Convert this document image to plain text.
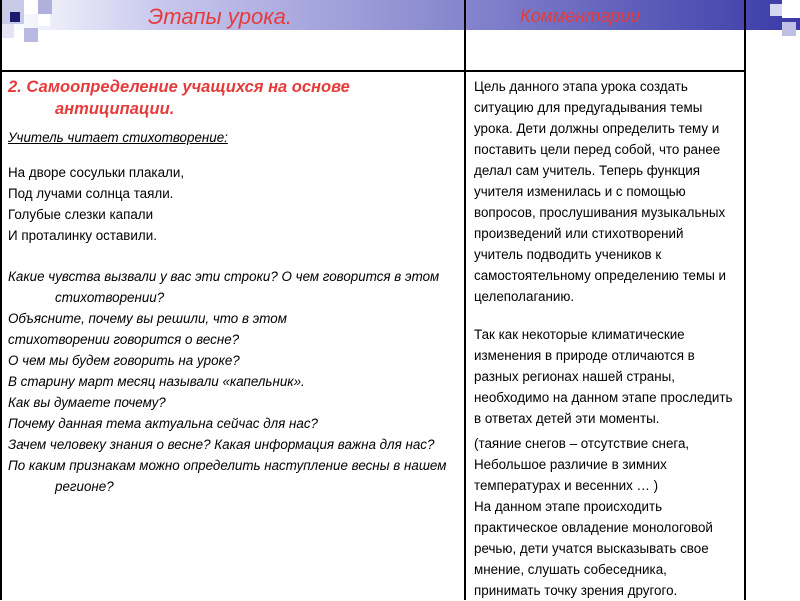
Этапы урока.	Комментарии

2. Самоопределение учащихся на основе
антиципации.

Учитель читает стихотворение:

На дворе сосульки плакали,

Под лучами солнца таяли.

Голубые слезки капали

И проталинку оставили.

Какие чувства вызвали у вас эти строки? О чем говорится в этом стихотворении?

Объясните, почему вы решили, что в этом

стихотворении говорится о весне?

О чем мы будем говорить на уроке?

В старину март месяц называли «капельник».

Как вы думаете почему?

Почему данная тема актуальна сейчас для нас?

Зачем человеку знания о весне? Какая информация важна для нас?

По каким признакам можно определить наступление весны в нашем регионе?

Цель данного этапа урока создать ситуацию для предугадывания темы урока. Дети должны определить тему и поставить цели перед собой, что ранее делал сам учитель. Теперь функция учителя изменилась и с помощью вопросов, прослушивания музыкальных произведений или стихотворений учитель подводить учеников к самостоятельному определению темы и целеполаганию.

Так как некоторые климатические изменения в природе отличаются в разных регионах нашей страны, необходимо на данном этапе проследить в ответах детей эти моменты.

(таяние снегов – отсутствие снега,

Небольшое различие в зимних температурах и весенних … )

На данном этапе происходить практическое овладение монологовой речью, дети учатся высказывать свое мнение, слушать собеседника, принимать точку зрения другого.
